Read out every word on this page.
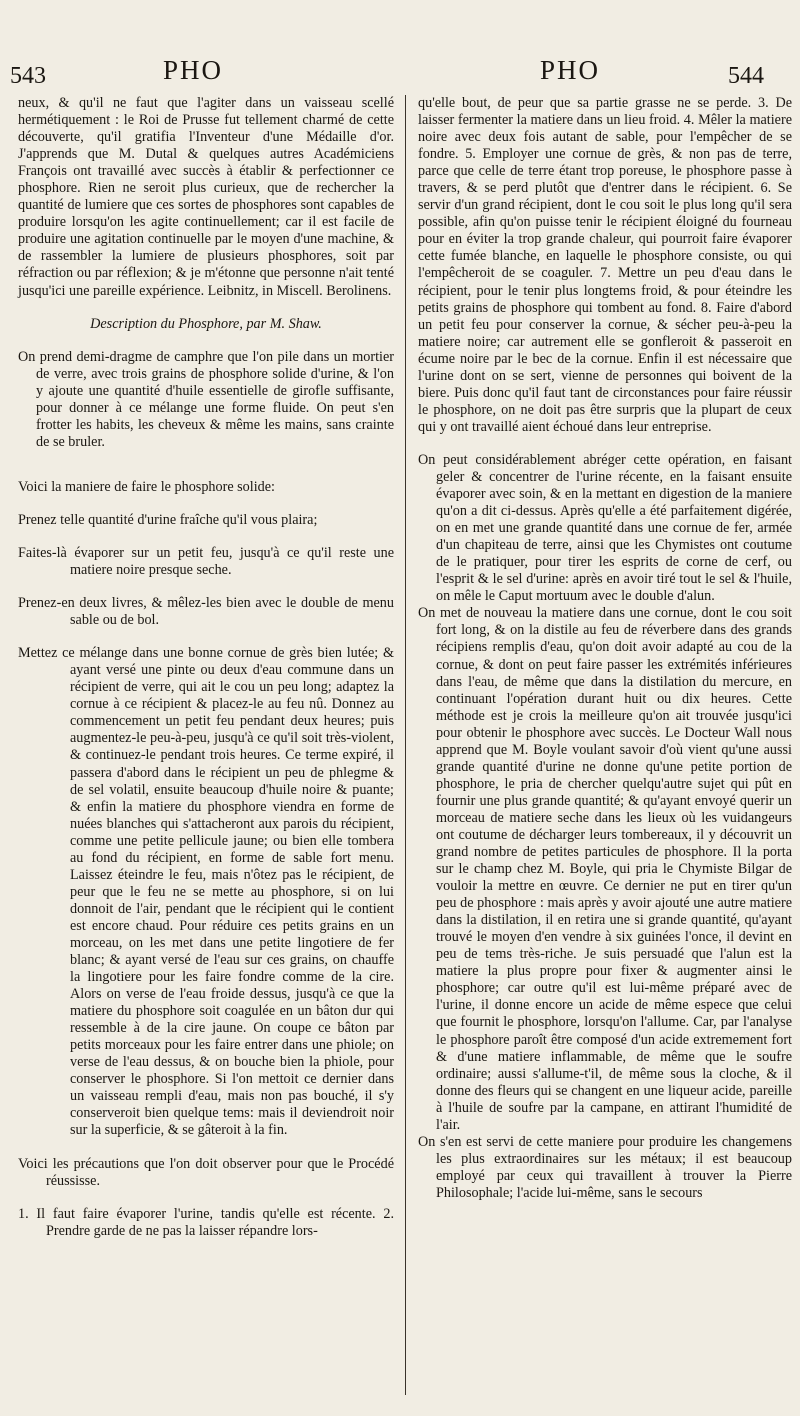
543	PHO	PHO	544

neux, & qu'il ne faut que l'agiter dans un vaisseau scellé hermétiquement : le Roi de Prusse fut tellement charmé de cette découverte, qu'il gratifia l'Inventeur d'une Médaille d'or. J'apprends que M. Dutal & quelques autres Académiciens François ont travaillé avec succès à établir & perfectionner ce phosphore. Rien ne seroit plus curieux, que de rechercher la quantité de lumiere que ces sortes de phosphores sont capables de produire lorsqu'on les agite continuellement; car il est facile de produire une agitation continuelle par le moyen d'une machine, & de rassembler la lumiere de plusieurs phosphores, soit par réfraction ou par réflexion; & je m'étonne que personne n'ait tenté jusqu'ici une pareille expérience. Leibnitz, in Miscell. Berolinens.

Description du Phosphore, par M. Shaw.

On prend demi-dragme de camphre que l'on pile dans un mortier de verre, avec trois grains de phosphore solide d'urine, & l'on y ajoute une quantité d'huile essentielle de girofle suffisante, pour donner à ce mélange une forme fluide. On peut s'en frotter les habits, les cheveux & même les mains, sans crainte de se bruler.

Voici la maniere de faire le phosphore solide:

Prenez telle quantité d'urine fraîche qu'il vous plaira;

Faites-là évaporer sur un petit feu, jusqu'à ce qu'il reste une matiere noire presque seche.

Prenez-en deux livres, & mêlez-les bien avec le double de menu sable ou de bol.

Mettez ce mélange dans une bonne cornue de grès bien lutée; & ayant versé une pinte ou deux d'eau commune dans un récipient de verre, qui ait le cou un peu long; adaptez la cornue à ce récipient & placez-le au feu nû. Donnez au commencement un petit feu pendant deux heures; puis augmentez-le peu-à-peu, jusqu'à ce qu'il soit très-violent, & continuez-le pendant trois heures. Ce terme expiré, il passera d'abord dans le récipient un peu de phlegme & de sel volatil, ensuite beaucoup d'huile noire & puante; & enfin la matiere du phosphore viendra en forme de nuées blanches qui s'attacheront aux parois du récipient, comme une petite pellicule jaune; ou bien elle tombera au fond du récipient, en forme de sable fort menu. Laissez éteindre le feu, mais n'ôtez pas le récipient, de peur que le feu ne se mette au phosphore, si on lui donnoit de l'air, pendant que le récipient qui le contient est encore chaud. Pour réduire ces petits grains en un morceau, on les met dans une petite lingotiere de fer blanc; & ayant versé de l'eau sur ces grains, on chauffe la lingotiere pour les faire fondre comme de la cire. Alors on verse de l'eau froide dessus, jusqu'à ce que la matiere du phosphore soit coagulée en un bâton dur qui ressemble à de la cire jaune. On coupe ce bâton par petits morceaux pour les faire entrer dans une phiole; on verse de l'eau dessus, & on bouche bien la phiole, pour conserver le phosphore. Si l'on mettoit ce dernier dans un vaisseau rempli d'eau, mais non pas bouché, il s'y conserveroit bien quelque tems: mais il deviendroit noir sur la superficie, & se gâteroit à la fin.

Voici les précautions que l'on doit observer pour que le Procédé réussisse.

1. Il faut faire évaporer l'urine, tandis qu'elle est récente. 2. Prendre garde de ne pas la laisser répandre lors-

qu'elle bout, de peur que sa partie grasse ne se perde. 3. De laisser fermenter la matiere dans un lieu froid. 4. Mêler la matiere noire avec deux fois autant de sable, pour l'empêcher de se fondre. 5. Employer une cornue de grès, & non pas de terre, parce que celle de terre étant trop poreuse, le phosphore passe à travers, & se perd plutôt que d'entrer dans le récipient. 6. Se servir d'un grand récipient, dont le cou soit le plus long qu'il sera possible, afin qu'on puisse tenir le récipient éloigné du fourneau pour en éviter la trop grande chaleur, qui pourroit faire évaporer cette fumée blanche, en laquelle le phosphore consiste, ou qui l'empêcheroit de se coaguler. 7. Mettre un peu d'eau dans le récipient, pour le tenir plus longtems froid, & pour éteindre les petits grains de phosphore qui tombent au fond. 8. Faire d'abord un petit feu pour conserver la cornue, & sécher peu-à-peu la matiere noire; car autrement elle se gonfleroit & passeroit en écume noire par le bec de la cornue. Enfin il est nécessaire que l'urine dont on se sert, vienne de personnes qui boivent de la biere. Puis donc qu'il faut tant de circonstances pour faire réussir le phosphore, on ne doit pas être surpris que la plupart de ceux qui y ont travaillé aient échoué dans leur entreprise.

On peut considérablement abréger cette opération, en faisant geler & concentrer de l'urine récente, en la faisant ensuite évaporer avec soin, & en la mettant en digestion de la maniere qu'on a dit ci-dessus. Après qu'elle a été parfaitement digérée, on en met une grande quantité dans une cornue de fer, armée d'un chapiteau de terre, ainsi que les Chymistes ont coutume de le pratiquer, pour tirer les esprits de corne de cerf, ou l'esprit & le sel d'urine: après en avoir tiré tout le sel & l'huile, on mêle le Caput mortuum avec le double d'alun.

On met de nouveau la matiere dans une cornue, dont le cou soit fort long, & on la distile au feu de réverbere dans des grands récipiens remplis d'eau, qu'on doit avoir adapté au cou de la cornue, & dont on peut faire passer les extrémités inférieures dans l'eau, de même que dans la distilation du mercure, en continuant l'opération durant huit ou dix heures. Cette méthode est je crois la meilleure qu'on ait trouvée jusqu'ici pour obtenir le phosphore avec succès. Le Docteur Wall nous apprend que M. Boyle voulant savoir d'où vient qu'une aussi grande quantité d'urine ne donne qu'une petite portion de phosphore, le pria de chercher quelqu'autre sujet qui pût en fournir une plus grande quantité; & qu'ayant envoyé querir un morceau de matiere seche dans les lieux où les vuidangeurs ont coutume de décharger leurs tombereaux, il y découvrit un grand nombre de petites particules de phosphore. Il la porta sur le champ chez M. Boyle, qui pria le Chymiste Bilgar de vouloir la mettre en œuvre. Ce dernier ne put en tirer qu'un peu de phosphore : mais après y avoir ajouté une autre matiere dans la distilation, il en retira une si grande quantité, qu'ayant trouvé le moyen d'en vendre à six guinées l'once, il devint en peu de tems très-riche. Je suis persuadé que l'alun est la matiere la plus propre pour fixer & augmenter ainsi le phosphore; car outre qu'il est lui-même préparé avec de l'urine, il donne encore un acide de même espece que celui que fournit le phosphore, lorsqu'on l'allume. Car, par l'analyse le phosphore paroît être composé d'un acide extremement fort & d'une matiere inflammable, de même que le soufre ordinaire; aussi s'allume-t'il, de même sous la cloche, & il donne des fleurs qui se changent en une liqueur acide, pareille à l'huile de soufre par la campane, en attirant l'humidité de l'air.

On s'en est servi de cette maniere pour produire les changemens les plus extraordinaires sur les métaux; il est beaucoup employé par ceux qui travaillent à trouver la Pierre Philosophale; l'acide lui-même, sans le secours
